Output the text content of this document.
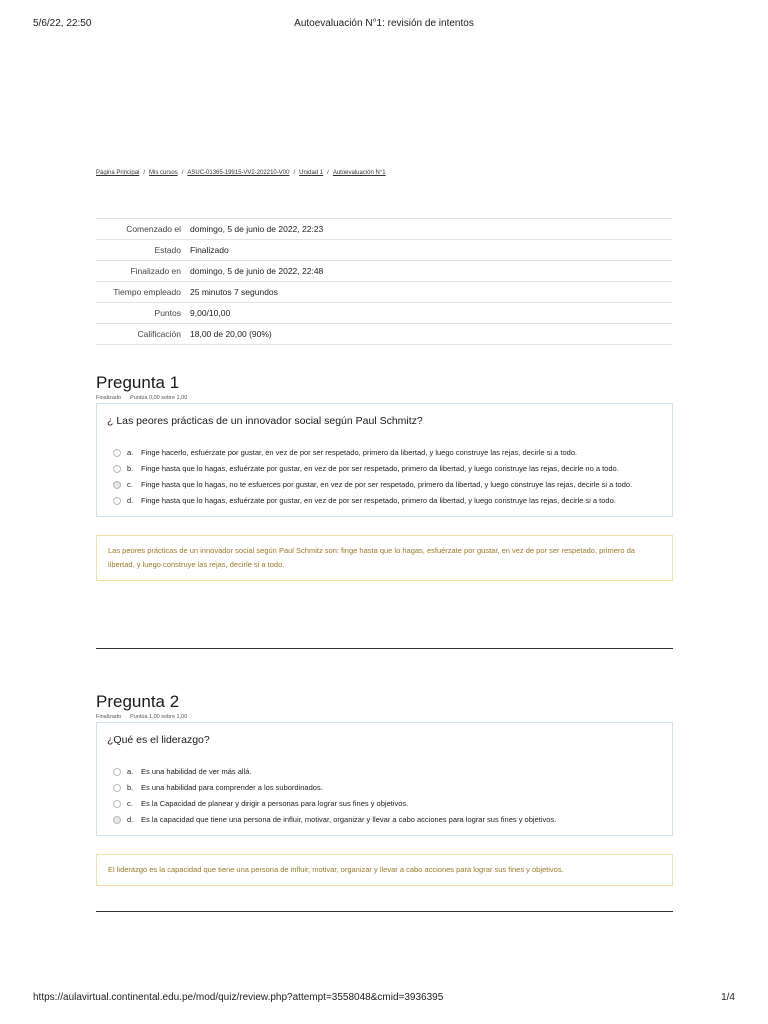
5/6/22, 22:50	Autoevaluación N°1: revisión de intentos
Página Principal / Mis cursos / ASUC-01365-19915-VV2-202210-V00 / Unidad 1 / Autoevaluación N°1
Comenzado el	domingo, 5 de junio de 2022, 22:23
Estado	Finalizado
Finalizado en	domingo, 5 de junio de 2022, 22:48
Tiempo empleado	25 minutos 7 segundos
Puntos	9,00/10,00
Calificación	18,00 de 20,00 (90%)
Pregunta 1
Finalizado Puntúa 0,00 sobre 1,00
¿ Las peores prácticas de un innovador social según Paul Schmitz?
a.	Finge hacerlo, esfuérzate por gustar, en vez de por ser respetado, primero da libertad, y luego construye las rejas, decirle si a todo.
b.	Finge hasta que lo hagas, esfuérzate por gustar, en vez de por ser respetado, primero da libertad, y luego construye las rejas, decirle no a todo.
c.	Finge hasta que lo hagas, no te esfuerces por gustar, en vez de por ser respetado, primero da libertad, y luego construye las rejas, decirle si a todo.
d.	Finge hasta que lo hagas, esfuérzate por gustar, en vez de por ser respetado, primero da libertad, y luego construye las rejas, decirle si a todo.
Las peores prácticas de un innovador social según Paul Schmitz son: finge hasta que lo hagas, esfuérzate por gustar, en vez de por ser respetado, primero da libertad, y luego construye las rejas, decirle si a todo.
Pregunta 2
Finalizado Puntúa 1,00 sobre 1,00
¿Qué es el liderazgo?
a.	Es una habilidad de ver más allá.
b.	Es una habilidad para comprender a los subordinados.
c.	Es la Capacidad de planear y dirigir a personas para lograr sus fines y objetivos.
d.	Es la capacidad que tiene una persona de influir, motivar, organizar y llevar a cabo acciones para lograr sus fines y objetivos.
El liderazgo es la capacidad que tiene una persona de influir, motivar, organizar y llevar a cabo acciones para lograr sus fines y objetivos.
https://aulavirtual.continental.edu.pe/mod/quiz/review.php?attempt=3558048&cmid=3936395	1/4
